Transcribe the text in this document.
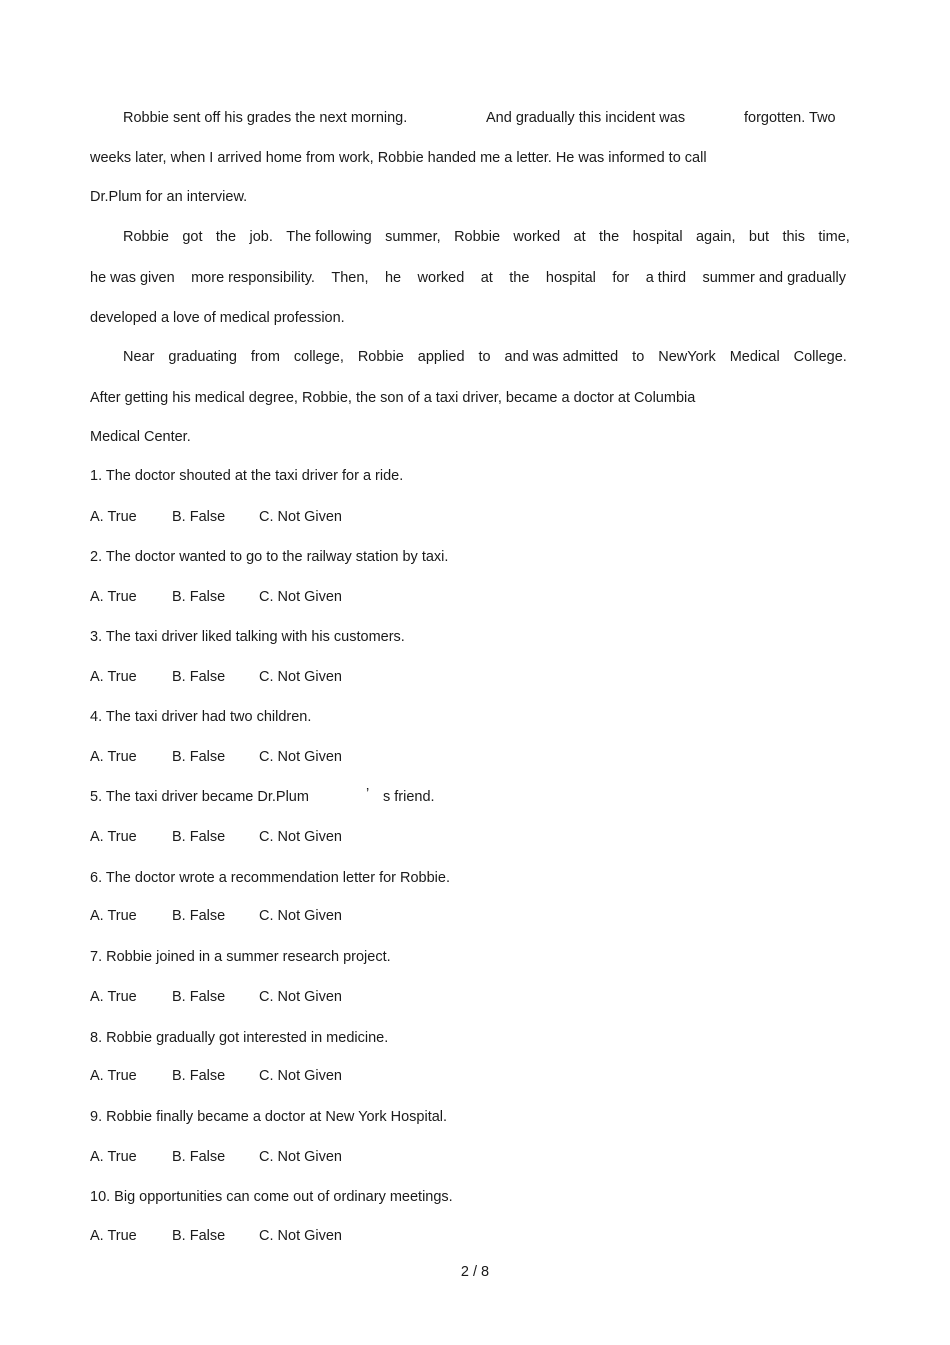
Robbie sent off his grades the next morning.	And gradually this incident was	forgotten. Two
weeks later, when I arrived home from work, Robbie handed me a letter. He was informed to call
Dr.Plum for an interview.
Robbie got the job. The following summer, Robbie worked at the hospital again, but this time,
he was given more responsibility. Then, he worked at the hospital for a third summer and gradually
developed a love of medical profession.
Near graduating from college, Robbie applied to and was admitted to NewYork Medical College.
After getting his medical degree, Robbie, the son of a taxi driver, became a doctor at Columbia
Medical Center.
1. The doctor shouted at the taxi driver for a ride.
A. True B. False C. Not Given
2. The doctor wanted to go to the railway station by taxi.
A. True B. False C. Not Given
3. The taxi driver liked talking with his customers.
A. True B. False C. Not Given
4. The taxi driver had two children.
A. True B. False C. Not Given
5. The taxi driver became Dr.Plum
A. True B. False C. Not Given
6. The doctor wrote a recommendation letter for Robbie.
A. True B. False C. Not Given
7. Robbie joined in a summer research project.
A. True B. False C. Not Given
8. Robbie gradually got interested in medicine.
A. True B. False C. Not Given
9. Robbie finally became a doctor at New York Hospital.
A. True B. False C. Not Given
10. Big opportunities can come out of ordinary meetings.
A. True B. False C. Not Given
’ s friend.
2 / 8
